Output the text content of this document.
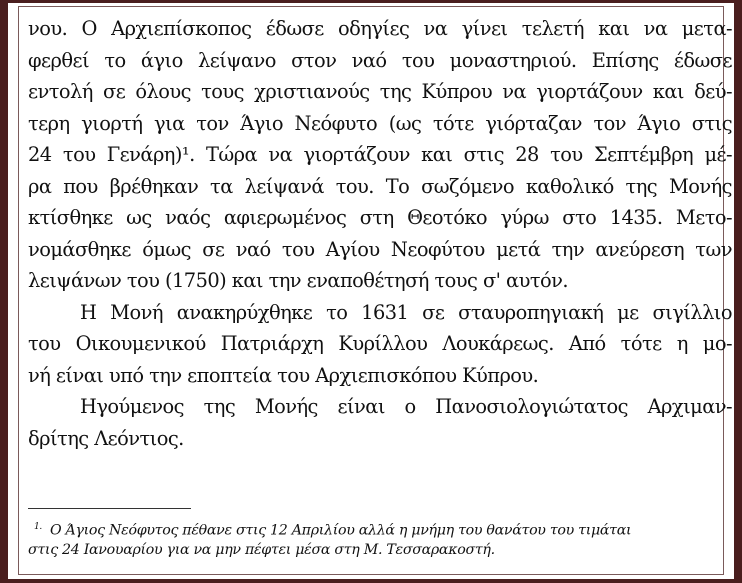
νου. Ο Αρχιεπίσκοπος έδωσε οδηγίες να γίνει τελετή και να μετα-
φερθεί το άγιο λείψανο στον ναό του μοναστηριού. Επίσης έδωσε
εντολή σε όλους τους χριστιανούς της Κύπρου να γιορτάζουν και δεύ-
τερη γιορτή για τον Άγιο Νεόφυτο (ως τότε γιόρταζαν τον Άγιο στις
24 του Γενάρη)¹. Τώρα να γιορτάζουν και στις 28 του Σεπτέμβρη μέ-
ρα που βρέθηκαν τα λείψανά του. Το σωζόμενο καθολικό της Μονής
κτίσθηκε ως ναός αφιερωμένος στη Θεοτόκο γύρω στο 1435. Μετο-
νομάσθηκε όμως σε ναό του Αγίου Νεοφύτου μετά την ανεύρεση των
λειψάνων του (1750) και την εναποθέτησή τους σ' αυτόν.
Η Μονή ανακηρύχθηκε το 1631 σε σταυροπηγιακή με σιγίλλιο
του Οικουμενικού Πατριάρχη Κυρίλλου Λουκάρεως. Από τότε η μο-
νή είναι υπό την εποπτεία του Αρχιεπισκόπου Κύπρου.
Ηγούμενος της Μονής είναι ο Πανοσιολογιώτατος Αρχιμαν-
δρίτης Λεόντιος.
$^{1.}$ Ο Άγιος Νεόφυτος πέθανε στις 12 Απριλίου αλλά η μνήμη του θανάτου του τιμάται
στις 24 Ιανουαρίου για να μην πέφτει μέσα στη Μ. Τεσσαρακοστή.
